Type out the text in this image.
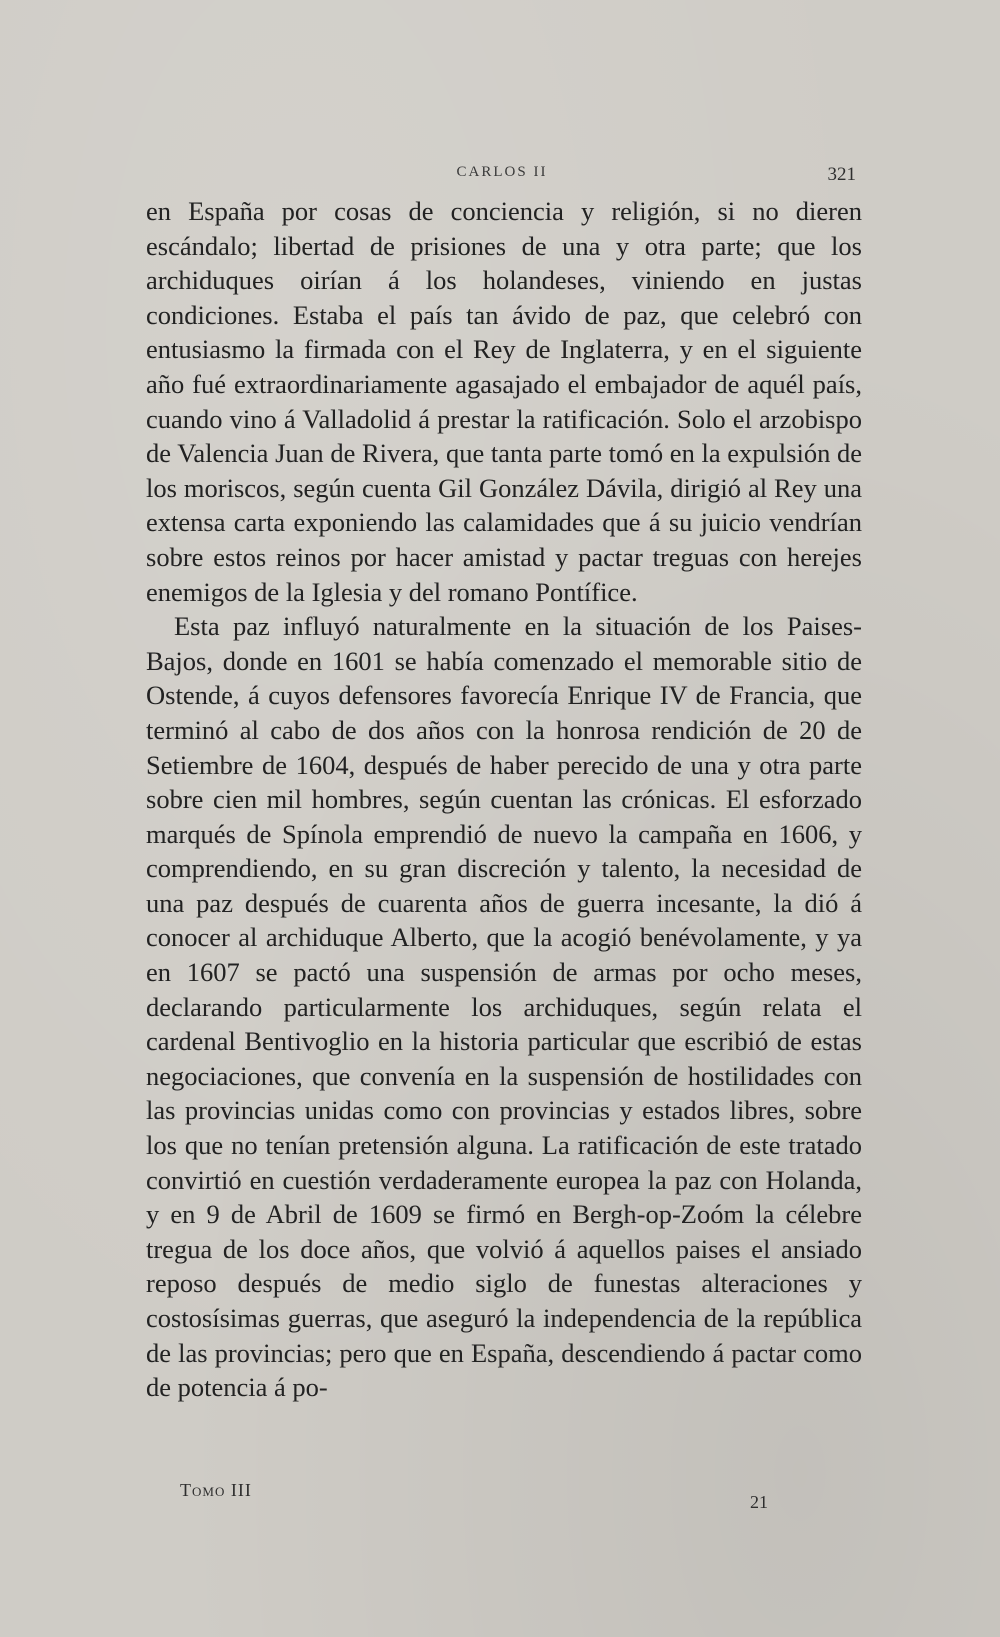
CARLOS II	321

en España por cosas de conciencia y religión, si no dieren escándalo; libertad de prisiones de una y otra parte; que los archiduques oirían á los holandeses, viniendo en justas condiciones. Estaba el país tan ávido de paz, que celebró con entusiasmo la firmada con el Rey de Inglaterra, y en el siguiente año fué extraordinariamente agasajado el embajador de aquél país, cuando vino á Valladolid á prestar la ratificación. Solo el arzobispo de Valencia Juan de Rivera, que tanta parte tomó en la expulsión de los moriscos, según cuenta Gil González Dávila, dirigió al Rey una extensa carta exponiendo las calamidades que á su juicio vendrían sobre estos reinos por hacer amistad y pactar treguas con herejes enemigos de la Iglesia y del romano Pontífice.

Esta paz influyó naturalmente en la situación de los Paises-Bajos, donde en 1601 se había comenzado el memorable sitio de Ostende, á cuyos defensores favorecía Enrique IV de Francia, que terminó al cabo de dos años con la honrosa rendición de 20 de Setiembre de 1604, después de haber perecido de una y otra parte sobre cien mil hombres, según cuentan las crónicas. El esforzado marqués de Spínola emprendió de nuevo la campaña en 1606, y comprendiendo, en su gran discreción y talento, la necesidad de una paz después de cuarenta años de guerra incesante, la dió á conocer al archiduque Alberto, que la acogió benévolamente, y ya en 1607 se pactó una suspensión de armas por ocho meses, declarando particularmente los archiduques, según relata el cardenal Bentivoglio en la historia particular que escribió de estas negociaciones, que convenía en la suspensión de hostilidades con las provincias unidas como con provincias y estados libres, sobre los que no tenían pretensión alguna. La ratificación de este tratado convirtió en cuestión verdaderamente europea la paz con Holanda, y en 9 de Abril de 1609 se firmó en Bergh-op-Zoóm la célebre tregua de los doce años, que volvió á aquellos paises el ansiado reposo después de medio siglo de funestas alteraciones y costosísimas guerras, que aseguró la independencia de la república de las provincias; pero que en España, descendiendo á pactar como de potencia á po-

Tomo III
21
